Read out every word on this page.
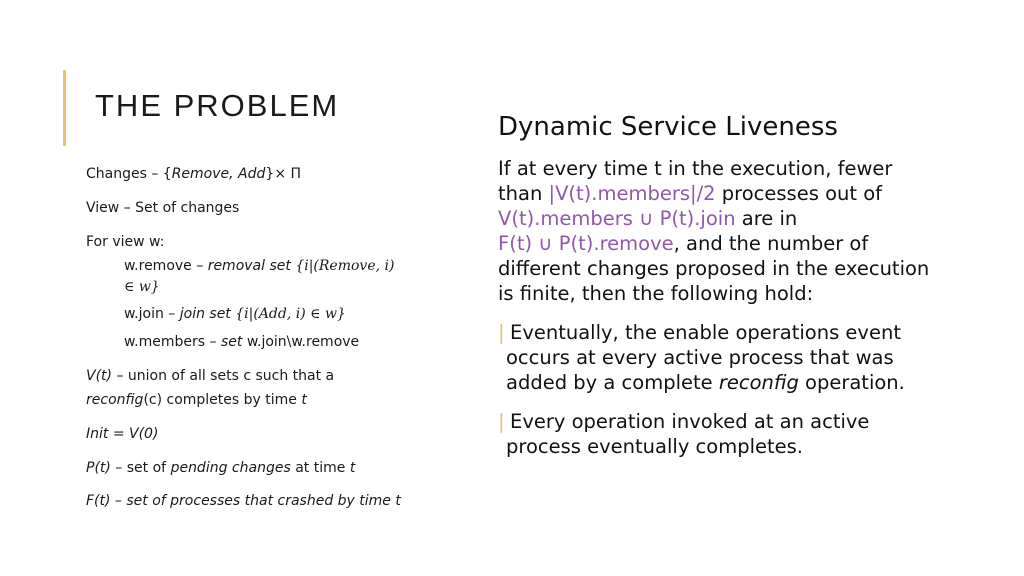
THE PROBLEM

Changes – {Remove, Add}× Π

View – Set of changes

For view w:

w.remove – removal set {i|(Remove, i)

∈ w}

w.join – join set {i|(Add, i) ∈ w}

w.members – set w.join\w.remove

V(t) – union of all sets c such that a

reconfig(c) completes by time t

Init = V(0)

P(t) – set of pending changes at time t

F(t) – set of processes that crashed by time t

Dynamic Service Liveness

If at every time t in the execution, fewer

than |V(t).members|/2 processes out of

V(t).members ∪ P(t).join are in

F(t) ∪ P(t).remove, and the number of

different changes proposed in the execution

is finite, then the following hold:

| Eventually, the enable operations event

occurs at every active process that was

added by a complete reconfig operation.

| Every operation invoked at an active

process eventually completes.
